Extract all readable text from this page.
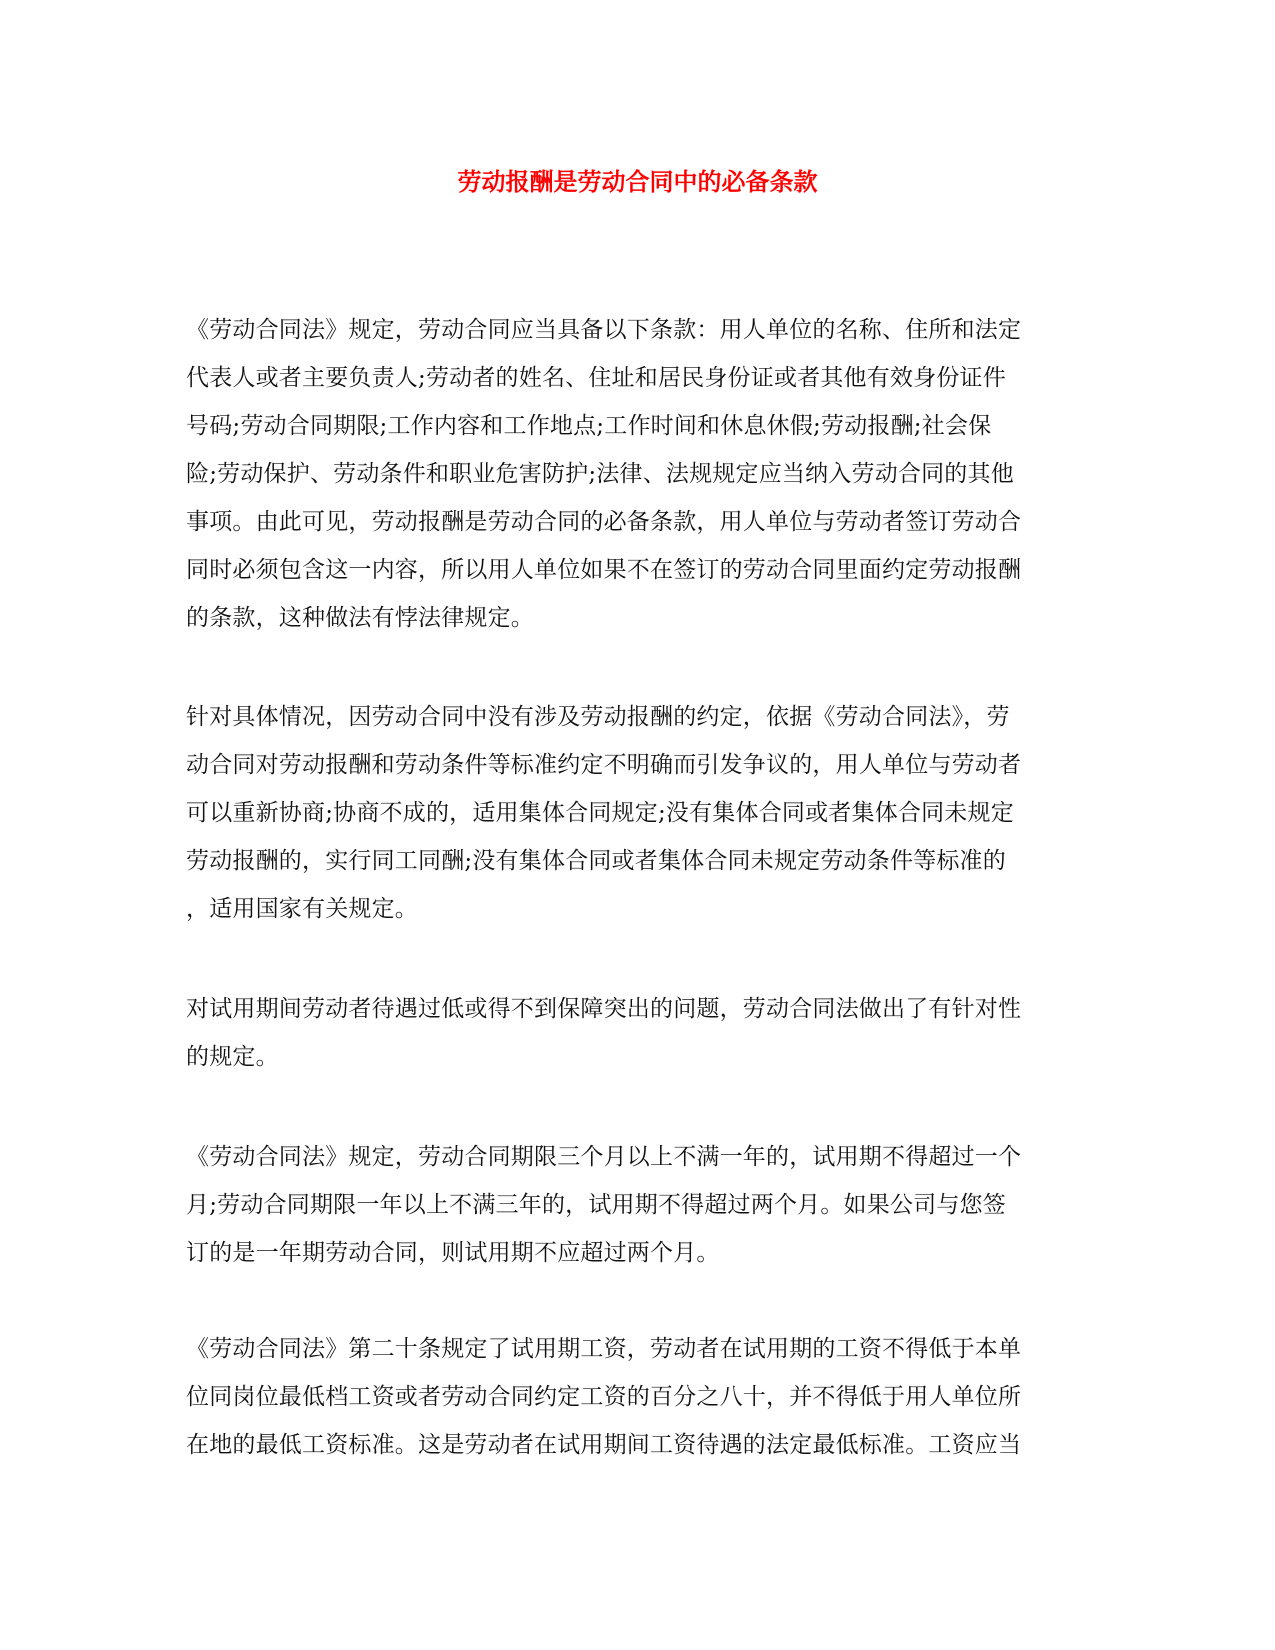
劳动报酬是劳动合同中的必备条款
《劳动合同法》规定，劳动合同应当具备以下条款：用人单位的名称、住所和法定
代表人或者主要负责人;劳动者的姓名、住址和居民身份证或者其他有效身份证件
号码;劳动合同期限;工作内容和工作地点;工作时间和休息休假;劳动报酬;社会保
险;劳动保护、劳动条件和职业危害防护;法律、法规规定应当纳入劳动合同的其他
事项。由此可见，劳动报酬是劳动合同的必备条款，用人单位与劳动者签订劳动合
同时必须包含这一内容，所以用人单位如果不在签订的劳动合同里面约定劳动报酬
的条款，这种做法有悖法律规定。
针对具体情况，因劳动合同中没有涉及劳动报酬的约定，依据《劳动合同法》，劳
动合同对劳动报酬和劳动条件等标准约定不明确而引发争议的，用人单位与劳动者
可以重新协商;协商不成的，适用集体合同规定;没有集体合同或者集体合同未规定
劳动报酬的，实行同工同酬;没有集体合同或者集体合同未规定劳动条件等标准的
，适用国家有关规定。
对试用期间劳动者待遇过低或得不到保障突出的问题，劳动合同法做出了有针对性
的规定。
《劳动合同法》规定，劳动合同期限三个月以上不满一年的，试用期不得超过一个
月;劳动合同期限一年以上不满三年的，试用期不得超过两个月。如果公司与您签
订的是一年期劳动合同，则试用期不应超过两个月。
《劳动合同法》第二十条规定了试用期工资，劳动者在试用期的工资不得低于本单
位同岗位最低档工资或者劳动合同约定工资的百分之八十，并不得低于用人单位所
在地的最低工资标准。这是劳动者在试用期间工资待遇的法定最低标准。工资应当
